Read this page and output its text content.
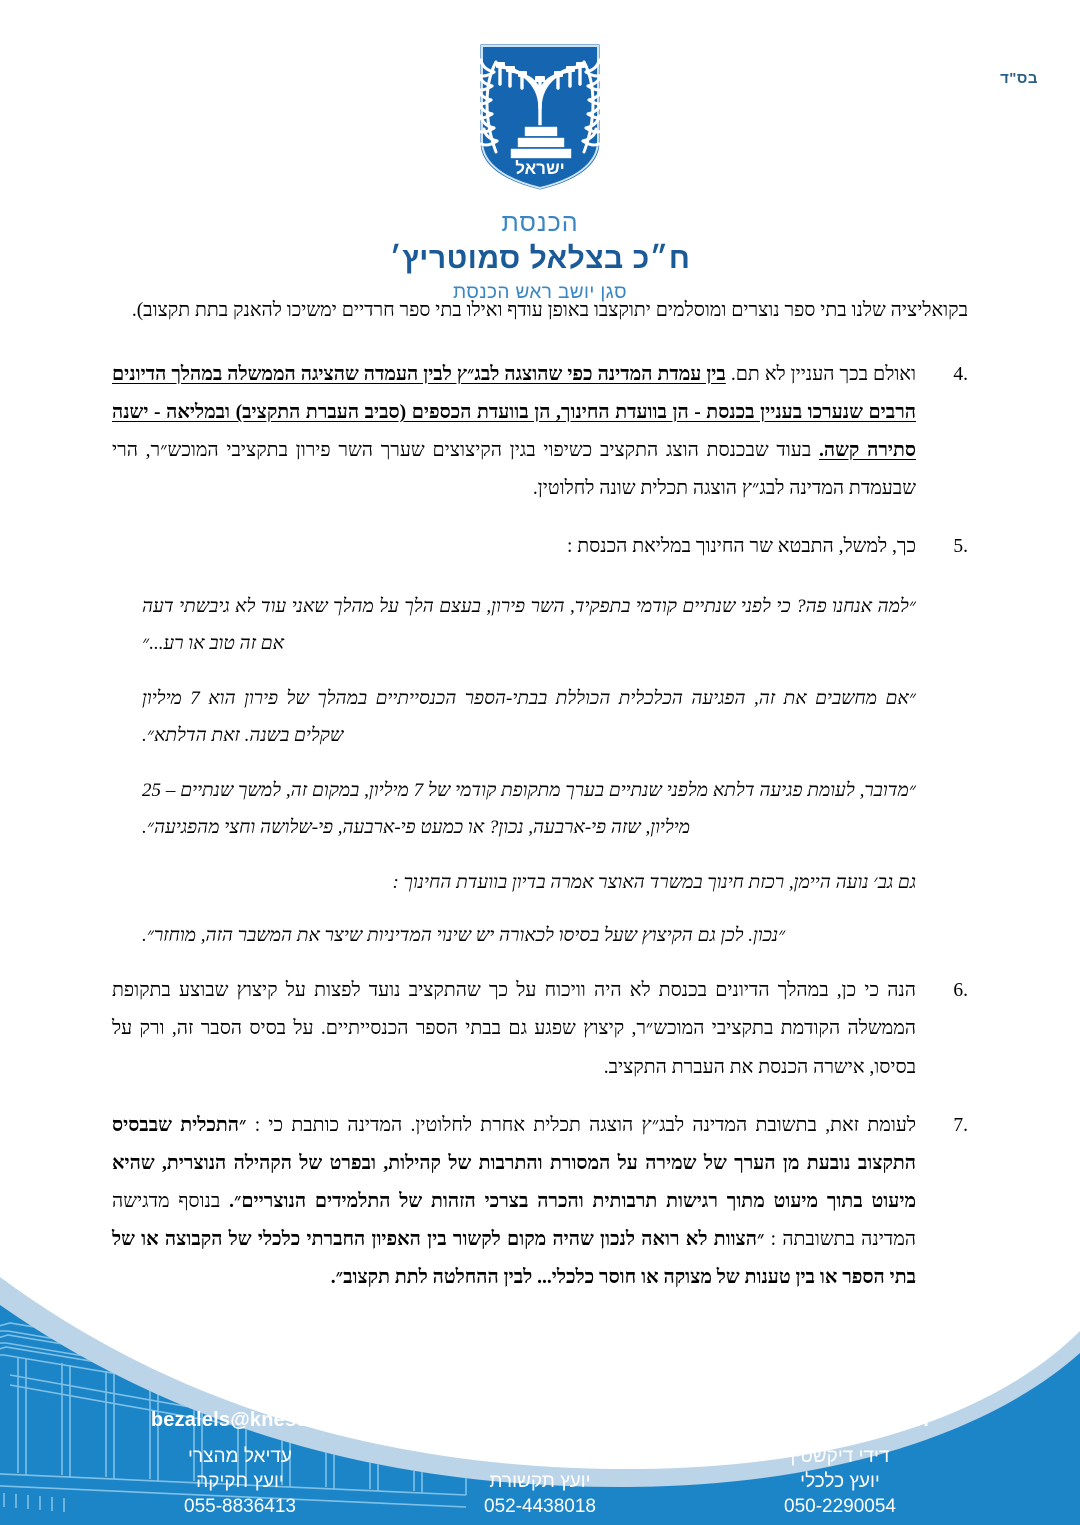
בס"ד
ישראל
הכנסת
ח״כ בצלאל סמוטריץ׳
סגן יושב ראש הכנסת

בקואליציה שלנו בתי ספר נוצרים ומוסלמים יתוקצבו באופן עודף ואילו בתי ספר חרדיים ימשיכו להאנק בתת תקצוב).

4.
ואולם בכך העניין לא תם. בין עמדת המדינה כפי שהוצגה לבג״ץ לבין העמדה שהציגה הממשלה במהלך הדיונים הרבים שנערכו בעניין בכנסת - הן בוועדת החינוך, הן בוועדת הכספים (סביב העברת התקציב) ובמליאה - ישנה סתירה קשה. בעוד שבכנסת הוצג התקציב כשיפוי בגין הקיצוצים שערך השר פירון בתקציבי המוכש״ר, הרי שבעמדת המדינה לבג״ץ הוצגה תכלית שונה לחלוטין.
5.
כך, למשל, התבטא שר החינוך במליאת הכנסת :

״למה אנחנו פה? כי לפני שנתיים קודמי בתפקיד, השר פירון, בעצם הלך על מהלך שאני עוד לא גיבשתי דעה אם זה טוב או רע...״

״אם מחשבים את זה, הפגיעה הכלכלית הכוללת בבתי-הספר הכנסייתיים במהלך של פירון הוא 7 מיליון שקלים בשנה. זאת הדלתא״.

״מדובר, לעומת פגיעה דלתא מלפני שנתיים בערך מתקופת קודמי של 7 מיליון, במקום זה, למשך שנתיים – 25 מיליון, שזה פי-ארבעה, נכון? או כמעט פי-ארבעה, פי-שלושה וחצי מהפגיעה״.

גם גב׳ נועה היימן, רכזת חינוך במשרד האוצר אמרה בדיון בוועדת החינוך :

״נכון. לכן גם הקיצוץ שעל בסיסו לכאורה יש שינוי המדיניות שיצר את המשבר הזה, מוחזר״.

6.
הנה כי כן, במהלך הדיונים בכנסת לא היה וויכוח על כך שהתקציב נועד לפצות על קיצוץ שבוצע בתקופת הממשלה הקודמת בתקציבי המוכש״ר, קיצוץ שפגע גם בבתי הספר הכנסייתיים. על בסיס הסבר זה, ורק על בסיסו, אישרה הכנסת את העברת התקציב.
7.
לעומת זאת, בתשובת המדינה לבג״ץ הוצגה תכלית אחרת לחלוטין. המדינה כותבת כי : ״התכלית שבבסיס התקצוב נובעת מן הערך של שמירה על המסורת והתרבות של קהילות, ובפרט של הקהילה הנוצרית, שהיא מיעוט בתוך מיעוט מתוך רגישות תרבותית והכרה בצרכי הזהות של התלמידים הנוצריים״. בנוסף מדגישה המדינה בתשובתה : ״הצוות לא רואה לנכון שהיה מקום לקשור בין האפיון החברתי כלכלי של הקבוצה או של בתי הספר או בין טענות של מצוקה או חוסר כלכלי... לבין ההחלטה לתת תקצוב״.
הכנסת ירושלים 91950. טל 02-6408024, פקס: 02-6408375 | bezalels@knesset.gov.il
עדיאל מהצרי
יועץ חקיקה
055-8836413
איתן פולד
יועץ תקשורת
052-4438018
דידי דיקשטין
יועץ כלכלי
050-2290054
